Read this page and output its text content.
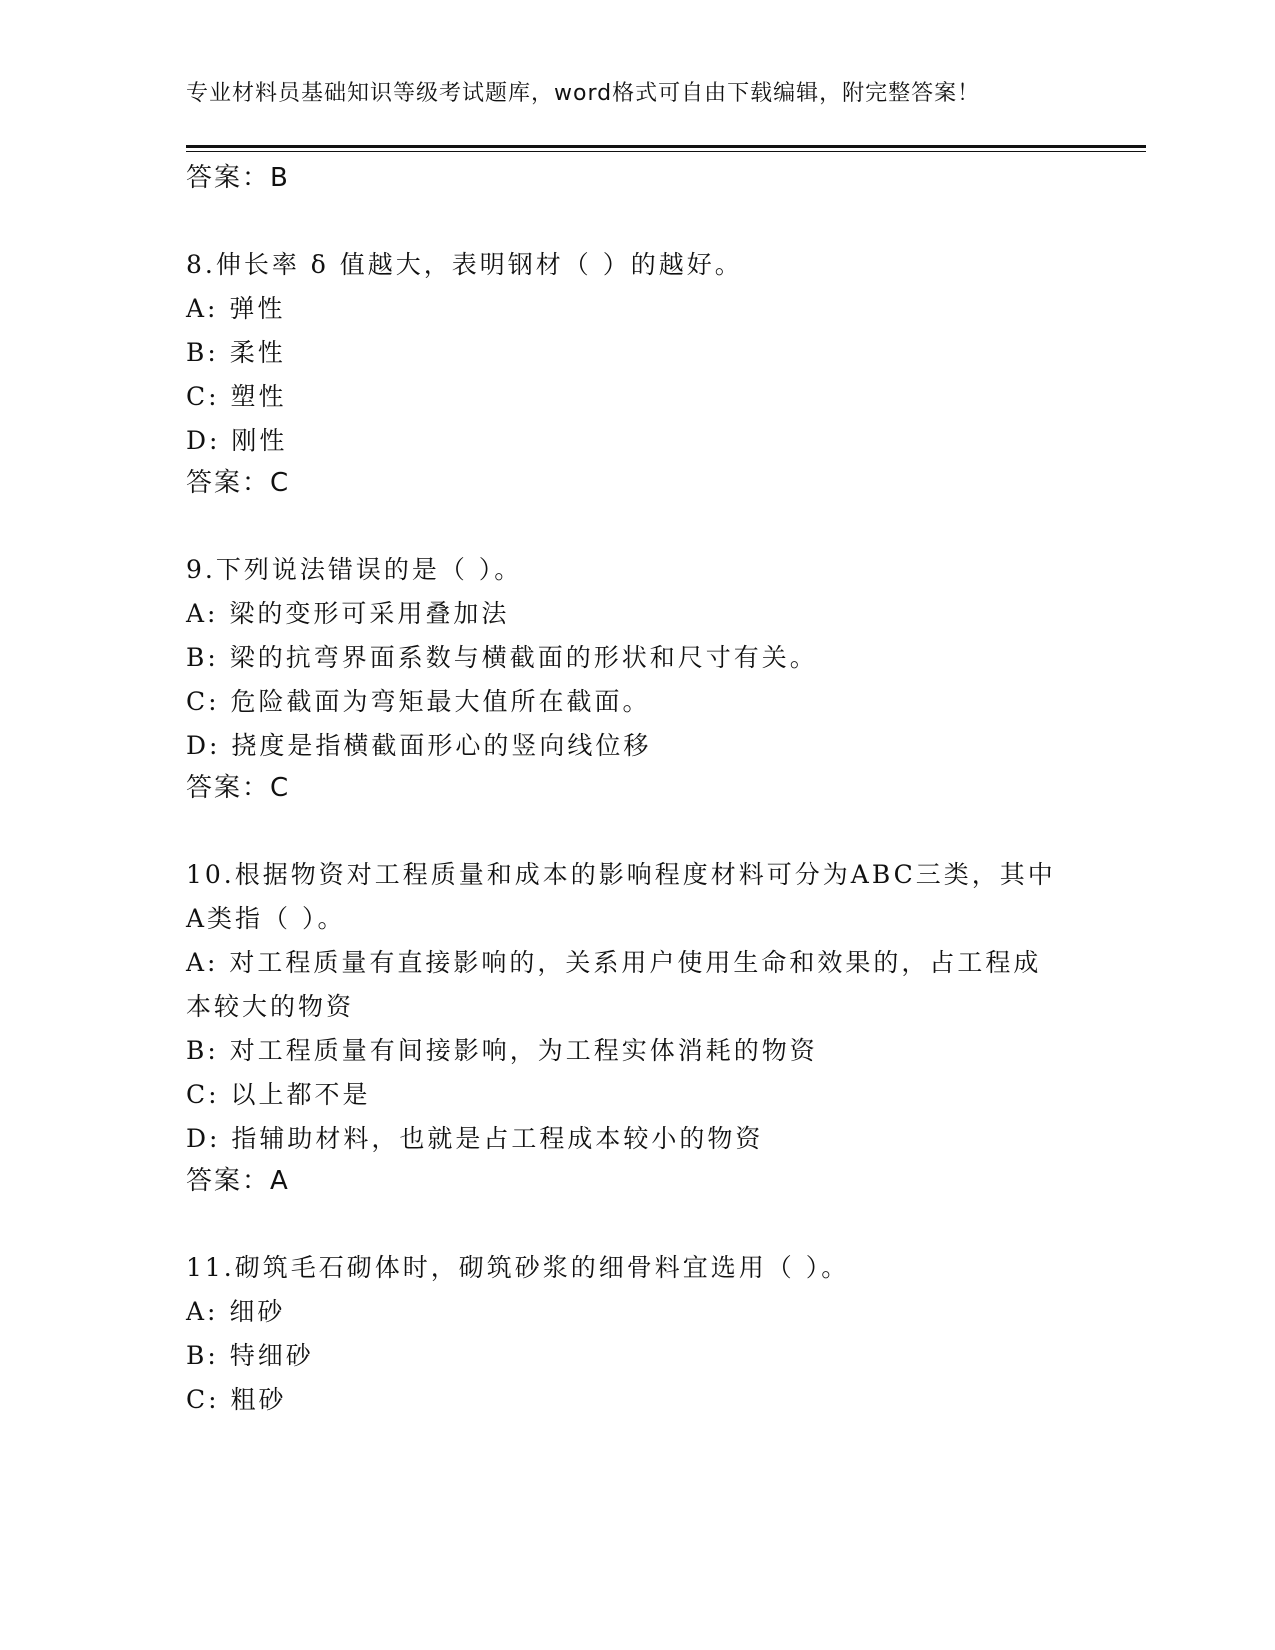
专业材料员基础知识等级考试题库，word格式可自由下载编辑，附完整答案！
答案：B
8.伸长率 δ 值越大，表明钢材（ ）的越好。
A: 弹性
B: 柔性
C: 塑性
D: 刚性
答案：C
9.下列说法错误的是（ ）。
A: 梁的变形可采用叠加法
B: 梁的抗弯界面系数与横截面的形状和尺寸有关。
C: 危险截面为弯矩最大值所在截面。
D: 挠度是指横截面形心的竖向线位移
答案：C
10.根据物资对工程质量和成本的影响程度材料可分为ABC三类，其中
A类指（ ）。
A: 对工程质量有直接影响的，关系用户使用生命和效果的，占工程成
本较大的物资
B: 对工程质量有间接影响，为工程实体消耗的物资
C: 以上都不是
D: 指辅助材料，也就是占工程成本较小的物资
答案：A
11.砌筑毛石砌体时，砌筑砂浆的细骨料宜选用（ ）。
A: 细砂
B: 特细砂
C: 粗砂
